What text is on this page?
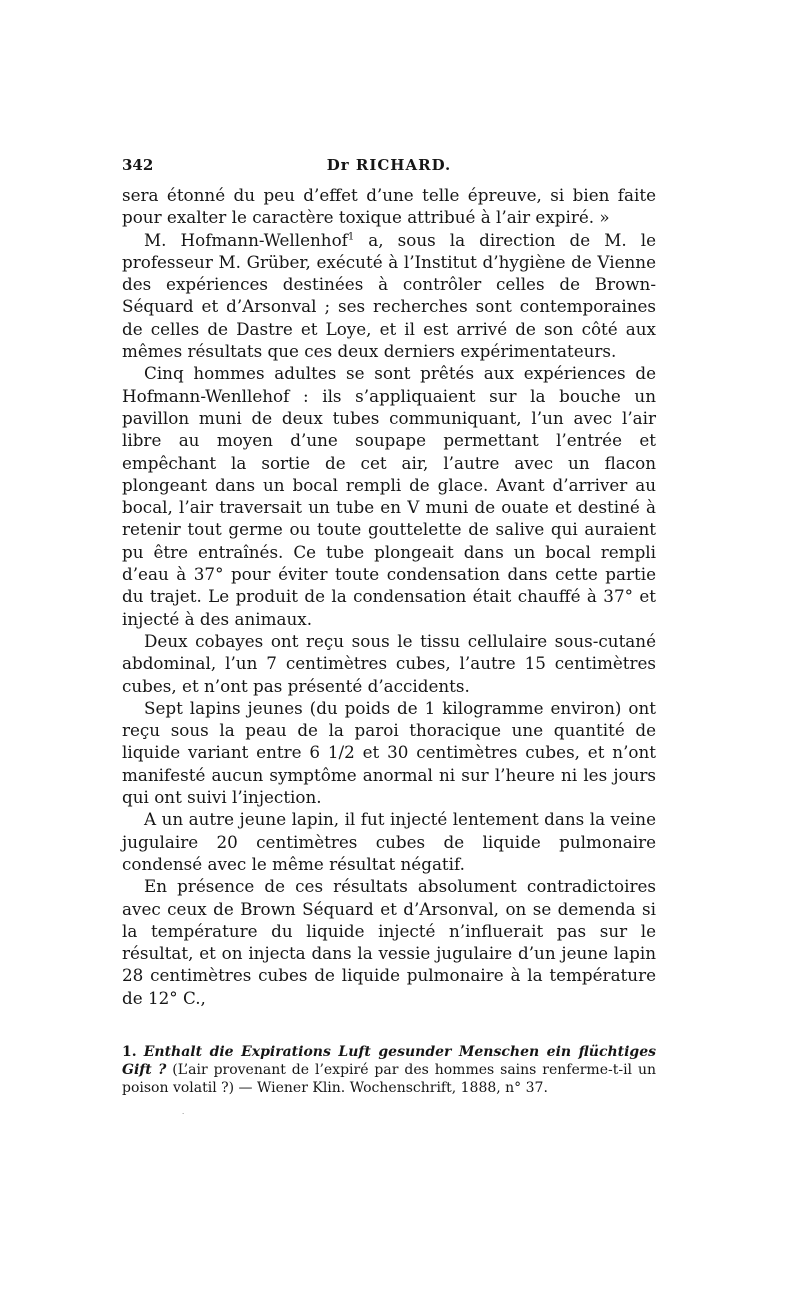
342	Dr RICHARD.

sera étonné du peu d’effet d’une telle épreuve, si bien faite pour exalter le caractère toxique attribué à l’air expiré. »

M. Hofmann-Wellenhof$^1$ a, sous la direction de M. le professeur M. Grüber, exécuté à l’Institut d’hygiène de Vienne des expériences destinées à contrôler celles de Brown-Séquard et d’Arsonval ; ses recherches sont contemporaines de celles de Dastre et Loye, et il est arrivé de son côté aux mêmes résultats que ces deux derniers expérimentateurs.

Cinq hommes adultes se sont prêtés aux expériences de Hofmann-Wenllehof : ils s’appliquaient sur la bouche un pavillon muni de deux tubes communiquant, l’un avec l’air libre au moyen d’une soupape permettant l’entrée et empêchant la sortie de cet air, l’autre avec un flacon plongeant dans un bocal rempli de glace. Avant d’arriver au bocal, l’air traversait un tube en V muni de ouate et destiné à retenir tout germe ou toute gouttelette de salive qui auraient pu être entraînés. Ce tube plongeait dans un bocal rempli d’eau à 37° pour éviter toute condensation dans cette partie du trajet. Le produit de la condensation était chauffé à 37° et injecté à des animaux.

Deux cobayes ont reçu sous le tissu cellulaire sous-cutané abdominal, l’un 7 centimètres cubes, l’autre 15 centimètres cubes, et n’ont pas présenté d’accidents.

Sept lapins jeunes (du poids de 1 kilogramme environ) ont reçu sous la peau de la paroi thoracique une quantité de liquide variant entre 6 1/2 et 30 centimètres cubes, et n’ont manifesté aucun symptôme anormal ni sur l’heure ni les jours qui ont suivi l’injection.

A un autre jeune lapin, il fut injecté lentement dans la veine jugulaire 20 centimètres cubes de liquide pulmonaire condensé avec le même résultat négatif.

En présence de ces résultats absolument contradictoires avec ceux de Brown Séquard et d’Arsonval, on se demenda si la température du liquide injecté n’influerait pas sur le résultat, et on injecta dans la vessie jugulaire d’un jeune lapin 28 centimètres cubes de liquide pulmonaire à la température de 12° C.,

1. Enthalt die Expirations Luft gesunder Menschen ein flüchtiges Gift ? (L’air provenant de l’expiré par des hommes sains renferme-t-il un poison volatil ?) — Wiener Klin. Wochenschrift, 1888, n° 37.
.
